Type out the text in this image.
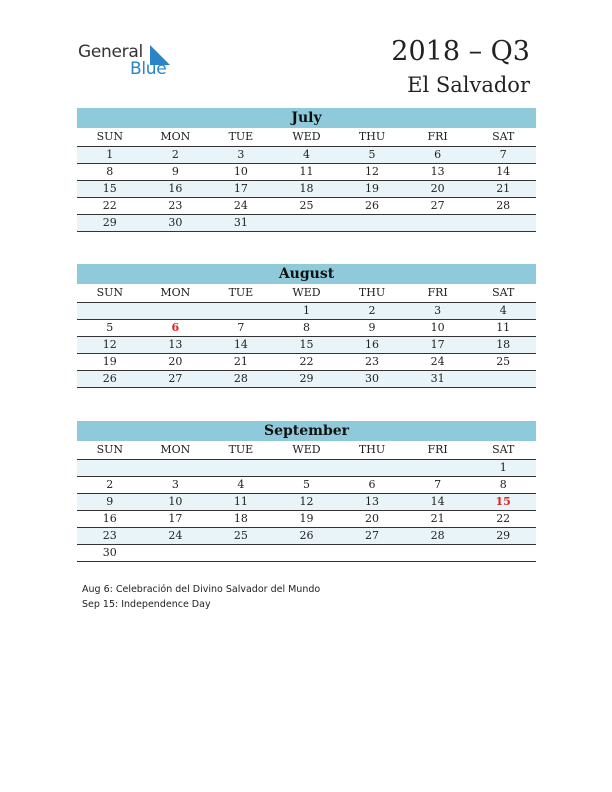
General
Blue
2018 – Q3
El Salvador
July
SUN	MON	TUE	WED	THU	FRI	SAT
1	2	3	4	5	6	7
8	9	10	11	12	13	14
15	16	17	18	19	20	21
22	23	24	25	26	27	28
29	30	31				
August
SUN	MON	TUE	WED	THU	FRI	SAT
			1	2	3	4
5	6	7	8	9	10	11
12	13	14	15	16	17	18
19	20	21	22	23	24	25
26	27	28	29	30	31	
September
SUN	MON	TUE	WED	THU	FRI	SAT
						1
2	3	4	5	6	7	8
9	10	11	12	13	14	15
16	17	18	19	20	21	22
23	24	25	26	27	28	29
30						
Aug 6: Celebración del Divino Salvador del Mundo
Sep 15: Independence Day
